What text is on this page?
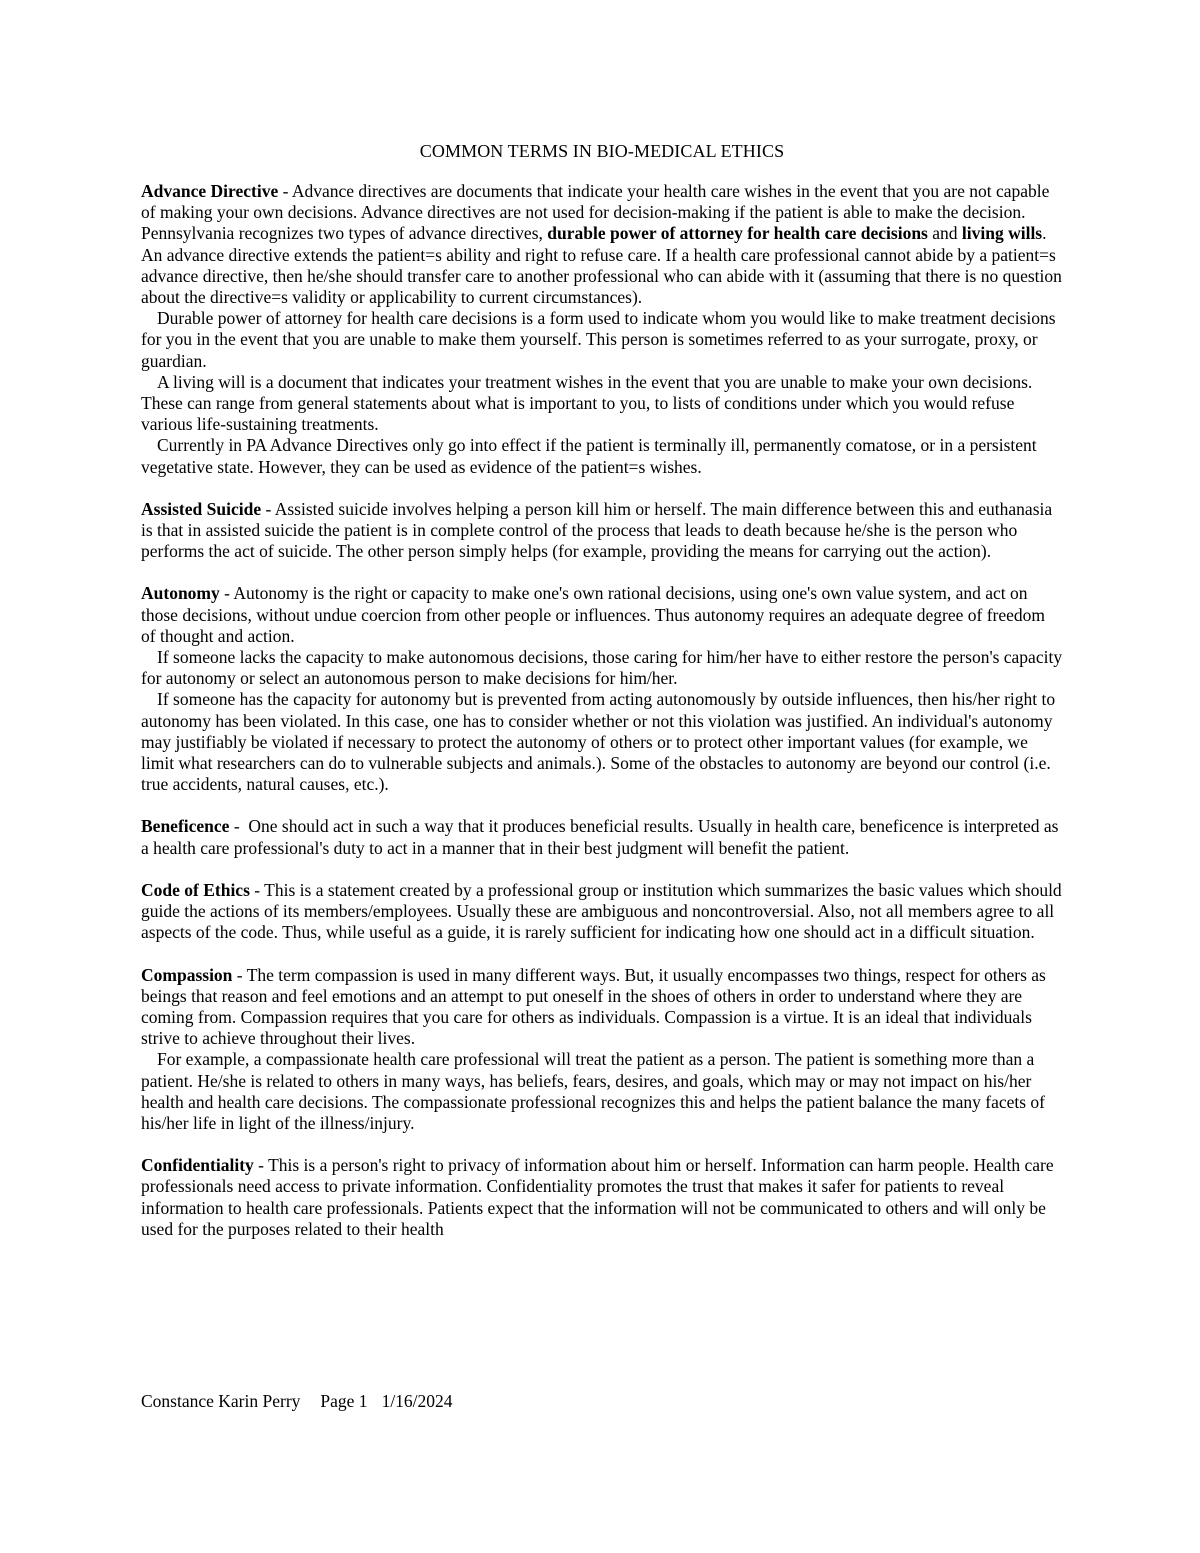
COMMON TERMS IN BIO-MEDICAL ETHICS

Advance Directive - Advance directives are documents that indicate your health care wishes in the event that you are not capable of making your own decisions. Advance directives are not used for decision-making if the patient is able to make the decision. Pennsylvania recognizes two types of advance directives, durable power of attorney for health care decisions and living wills. An advance directive extends the patient=s ability and right to refuse care. If a health care professional cannot abide by a patient=s advance directive, then he/she should transfer care to another professional who can abide with it (assuming that there is no question about the directive=s validity or applicability to current circumstances).

Durable power of attorney for health care decisions is a form used to indicate whom you would like to make treatment decisions for you in the event that you are unable to make them yourself. This person is sometimes referred to as your surrogate, proxy, or guardian.

A living will is a document that indicates your treatment wishes in the event that you are unable to make your own decisions. These can range from general statements about what is important to you, to lists of conditions under which you would refuse various life-sustaining treatments.

Currently in PA Advance Directives only go into effect if the patient is terminally ill, permanently comatose, or in a persistent vegetative state. However, they can be used as evidence of the patient=s wishes.

Assisted Suicide - Assisted suicide involves helping a person kill him or herself. The main difference between this and euthanasia is that in assisted suicide the patient is in complete control of the process that leads to death because he/she is the person who performs the act of suicide. The other person simply helps (for example, providing the means for carrying out the action).

Autonomy - Autonomy is the right or capacity to make one's own rational decisions, using one's own value system, and act on those decisions, without undue coercion from other people or influences. Thus autonomy requires an adequate degree of freedom of thought and action.

If someone lacks the capacity to make autonomous decisions, those caring for him/her have to either restore the person's capacity for autonomy or select an autonomous person to make decisions for him/her.

If someone has the capacity for autonomy but is prevented from acting autonomously by outside influences, then his/her right to autonomy has been violated. In this case, one has to consider whether or not this violation was justified. An individual's autonomy may justifiably be violated if necessary to protect the autonomy of others or to protect other important values (for example, we limit what researchers can do to vulnerable subjects and animals.). Some of the obstacles to autonomy are beyond our control (i.e. true accidents, natural causes, etc.).

Beneficence -  One should act in such a way that it produces beneficial results. Usually in health care, beneficence is interpreted as a health care professional's duty to act in a manner that in their best judgment will benefit the patient.

Code of Ethics - This is a statement created by a professional group or institution which summarizes the basic values which should guide the actions of its members/employees. Usually these are ambiguous and noncontroversial. Also, not all members agree to all aspects of the code. Thus, while useful as a guide, it is rarely sufficient for indicating how one should act in a difficult situation.

Compassion - The term compassion is used in many different ways. But, it usually encompasses two things, respect for others as beings that reason and feel emotions and an attempt to put oneself in the shoes of others in order to understand where they are coming from. Compassion requires that you care for others as individuals. Compassion is a virtue. It is an ideal that individuals strive to achieve throughout their lives.

For example, a compassionate health care professional will treat the patient as a person. The patient is something more than a patient. He/she is related to others in many ways, has beliefs, fears, desires, and goals, which may or may not impact on his/her health and health care decisions. The compassionate professional recognizes this and helps the patient balance the many facets of his/her life in light of the illness/injury.

Confidentiality - This is a person's right to privacy of information about him or herself. Information can harm people. Health care professionals need access to private information. Confidentiality promotes the trust that makes it safer for patients to reveal information to health care professionals. Patients expect that the information will not be communicated to others and will only be used for the purposes related to their health

Constance Karin Perry Page 1 1/16/2024
